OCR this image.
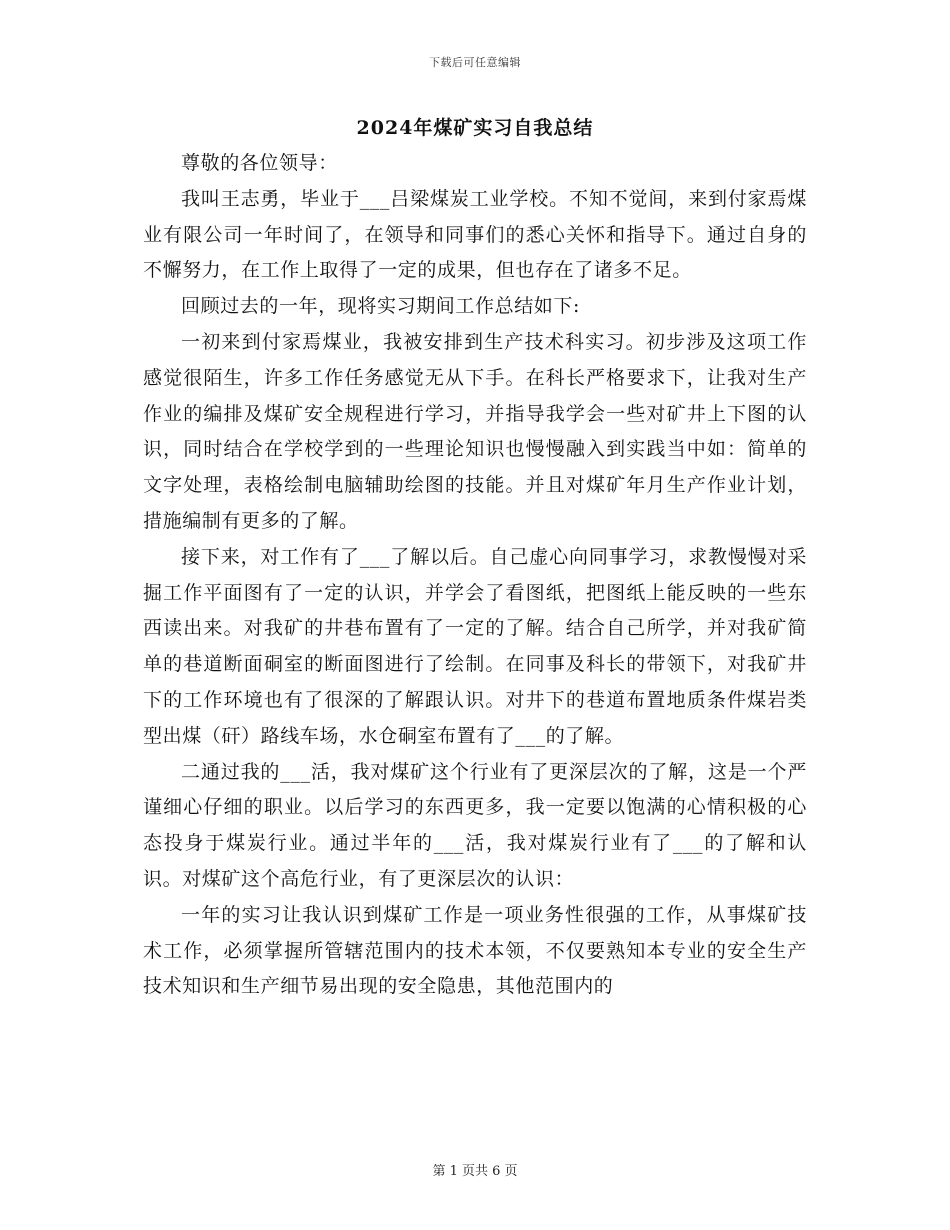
下载后可任意编辑
2024年煤矿实习自我总结

尊敬的各位领导：

我叫王志勇，毕业于___吕梁煤炭工业学校。不知不觉间，来到付家焉煤业有限公司一年时间了，在领导和同事们的悉心关怀和指导下。通过自身的不懈努力，在工作上取得了一定的成果，但也存在了诸多不足。

回顾过去的一年，现将实习期间工作总结如下:

一初来到付家焉煤业，我被安排到生产技术科实习。初步涉及这项工作感觉很陌生，许多工作任务感觉无从下手。在科长严格要求下，让我对生产作业的编排及煤矿安全规程进行学习，并指导我学会一些对矿井上下图的认识，同时结合在学校学到的一些理论知识也慢慢融入到实践当中如：简单的文字处理，表格绘制电脑辅助绘图的技能。并且对煤矿年月生产作业计划，措施编制有更多的了解。

接下来，对工作有了___了解以后。自己虚心向同事学习，求教慢慢对采掘工作平面图有了一定的认识，并学会了看图纸，把图纸上能反映的一些东西读出来。对我矿的井巷布置有了一定的了解。结合自己所学，并对我矿简单的巷道断面硐室的断面图进行了绘制。在同事及科长的带领下，对我矿井下的工作环境也有了很深的了解跟认识。对井下的巷道布置地质条件煤岩类型出煤（矸）路线车场，水仓硐室布置有了___的了解。

二通过我的___活，我对煤矿这个行业有了更深层次的了解，这是一个严谨细心仔细的职业。以后学习的东西更多，我一定要以饱满的心情积极的心态投身于煤炭行业。通过半年的___活，我对煤炭行业有了___的了解和认识。对煤矿这个高危行业，有了更深层次的认识：

一年的实习让我认识到煤矿工作是一项业务性很强的工作，从事煤矿技术工作，必须掌握所管辖范围内的技术本领，不仅要熟知本专业的安全生产技术知识和生产细节易出现的安全隐患，其他范围内的

第 1 页共 6 页
